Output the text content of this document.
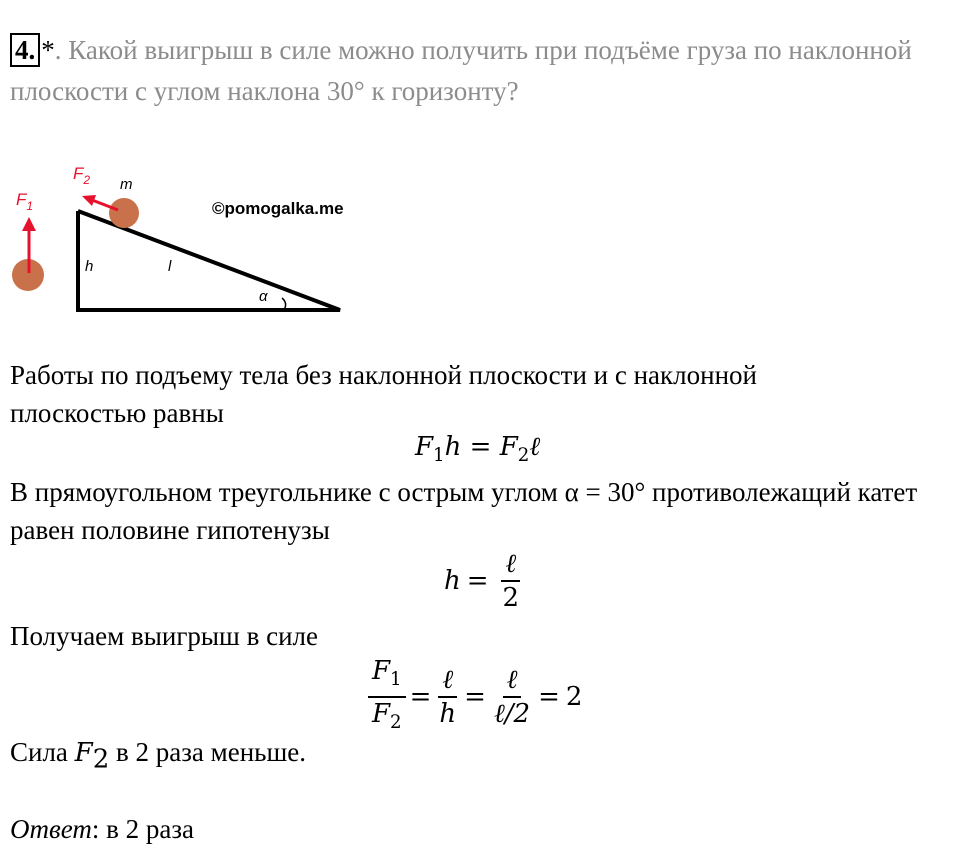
4. *. Какой выигрыш в силе можно получить при подъёме груза по наклонной плоскости с углом наклона 30° к горизонту?
$F_1$
α
h	l
$F_2$ m
©pomogalka.me
Работы по подъему тела без наклонной плоскости и с наклонной плоскостью равны
$F_1h$ = $F_2\ell$
В прямоугольном треугольнике с острым углом α = 30° противолежащий катет равен половине гипотенузы
$h = \frac{\text{ℓ}}{2}$
Получаем выигрыш в силе
$\frac{F_1}{F_2} = \frac{\text{ℓ}}{h} = \frac{\text{ℓ}}{\text{ℓ/2}} = 2$
Сила $F_2$ в 2 раза меньше.
Ответ: в 2 раза
